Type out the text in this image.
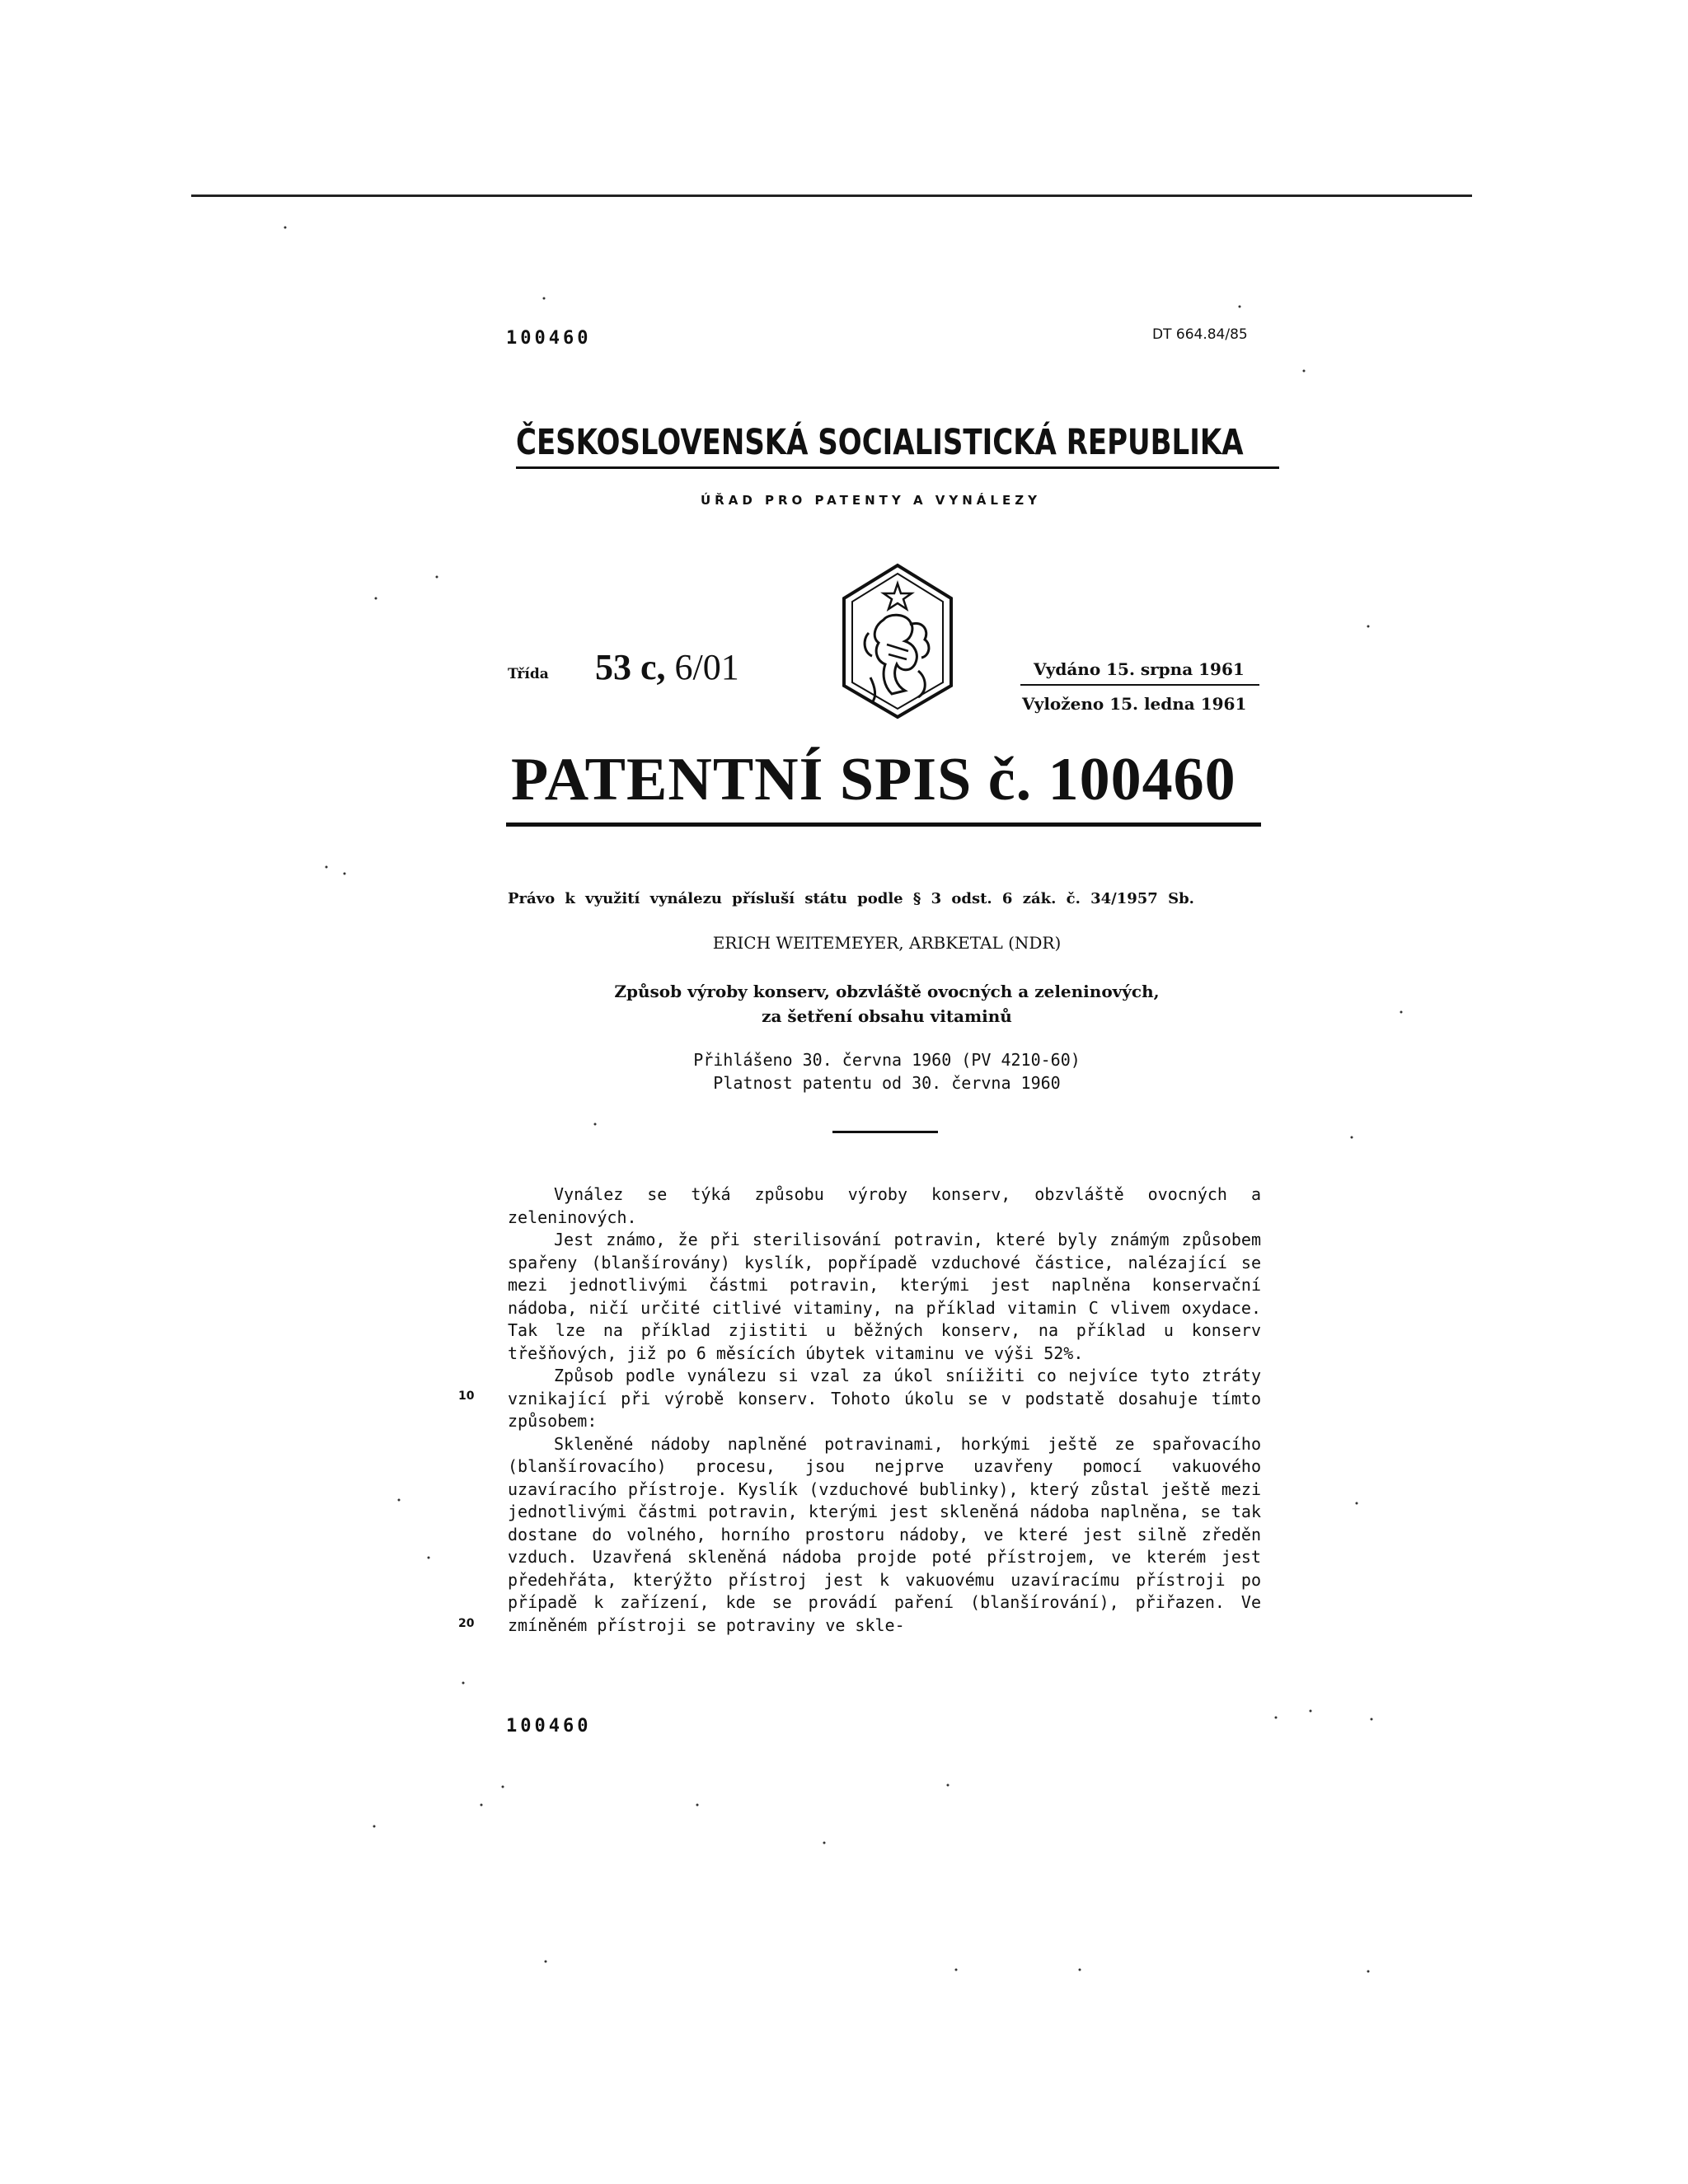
100460	DT 664.84/85
ČESKOSLOVENSKÁ SOCIALISTICKÁ REPUBLIKA
ÚŘAD PRO PATENTY A VYNÁLEZY
Třída 53 c, 6/01	Vydáno 15. srpna 1961
Vyloženo 15. ledna 1961
PATENTNÍ SPIS č. 100460
Právo k využití vynálezu přísluší státu podle § 3 odst. 6 zák. č. 34/1957 Sb.
ERICH WEITEMEYER, ARBKETAL (NDR)
Způsob výroby konserv, obzvláště ovocných a zeleninových,
za šetření obsahu vitaminů
Přihlášeno 30. června 1960 (PV 4210-60)
Platnost patentu od 30. června 1960

Vynález se týká způsobu výroby konserv, obzvláště ovocných a zeleninových.

Jest známo, že při sterilisování potravin, které byly známým způsobem spařeny (blanšírovány) kyslík, popřípadě vzduchové částice, nalézající se mezi jednotlivými částmi potravin, kterými jest naplněna konservační nádoba, ničí určité citlivé vitaminy, na příklad vitamin C vlivem oxydace. Tak lze na příklad zjistiti u běžných konserv, na příklad u konserv třešňových, již po 6 měsících úbytek vitaminu ve výši 52%.

Způsob podle vynálezu si vzal za úkol sníižiti co nejvíce tyto ztráty vznikající při výrobě konserv. Tohoto úkolu se v podstatě dosahuje tímto způsobem:

Skleněné nádoby naplněné potravinami, horkými ještě ze spařovacího (blanšírovacího) procesu, jsou nejprve uzavřeny pomocí vakuového uzavíracího přístroje. Kyslík (vzduchové bublinky), který zůstal ještě mezi jednotlivými částmi potravin, kterými jest skleněná nádoba naplněna, se tak dostane do volného, horního prostoru nádoby, ve které jest silně zředěn vzduch. Uzavřená skleněná nádoba projde poté přístrojem, ve kterém jest předehřáta, kterýžto přístroj jest k vakuovému uzavíracímu přístroji po případě k zařízení, kde se provádí paření (blanšírování), přiřazen. Ve zmíněném přístroji se potraviny ve skle-

10
20
100460
